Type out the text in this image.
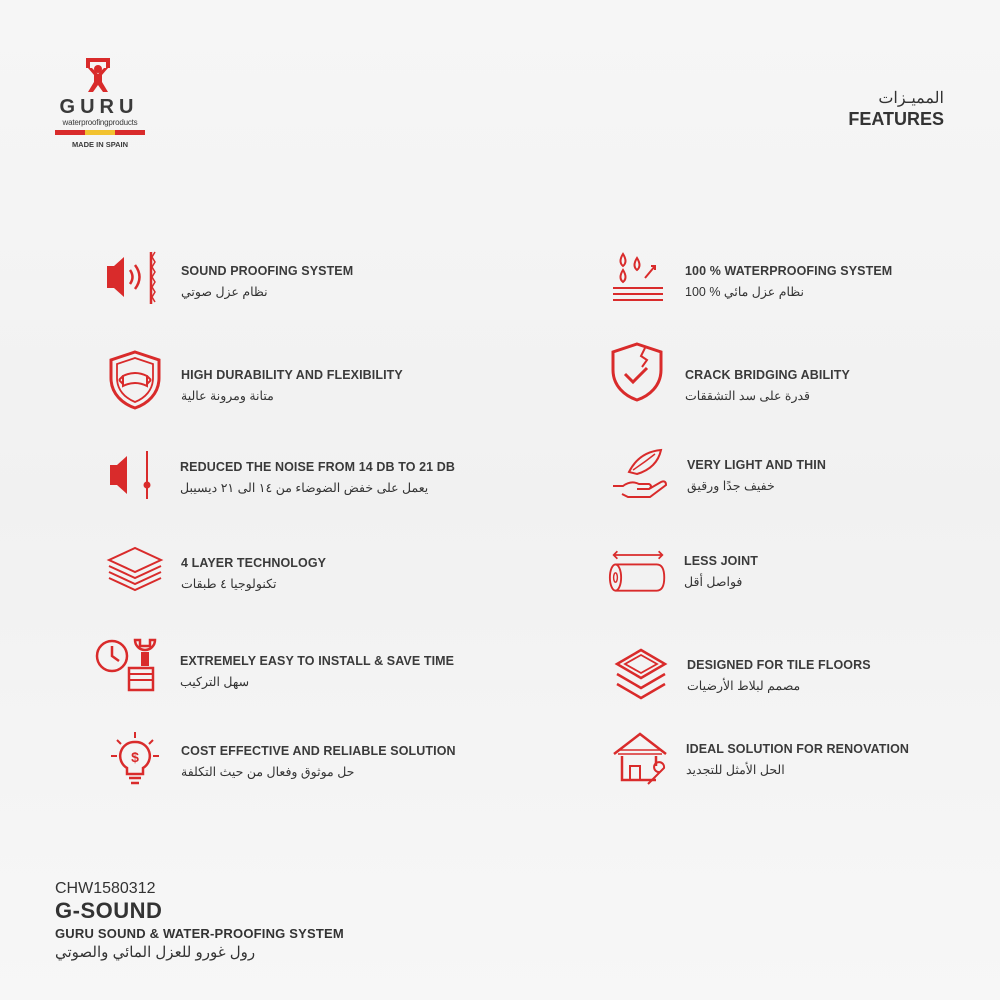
GURU
waterproofingproducts
MADE IN SPAIN
المميـزات
FEATURES
SOUND PROOFING SYSTEM
نظام عزل صوتي
HIGH DURABILITY AND FLEXIBILITY
متانة ومرونة عالية
REDUCED THE NOISE FROM 14 DB TO 21 DB
يعمل على خفض الضوضاء من ١٤ الى ٢١ ديسيبل
4 LAYER TECHNOLOGY
تكنولوجيا ٤ طبقات
EXTREMELY EASY TO INSTALL & SAVE TIME
سهل التركيب
$	COST EFFECTIVE AND RELIABLE SOLUTION
حل موثوق وفعال من حيث التكلفة
100 % WATERPROOFING SYSTEM
نظام عزل مائي % 100
CRACK BRIDGING ABILITY
قدرة على سد التشققات
VERY LIGHT AND THIN
خفيف جدًا ورقيق
LESS JOINT
فواصل أقل
DESIGNED FOR TILE FLOORS
مصمم لبلاط الأرضيات
IDEAL SOLUTION FOR RENOVATION
الحل الأمثل للتجديد
CHW1580312
G-SOUND
GURU SOUND & WATER-PROOFING SYSTEM
رول غورو للعزل المائي والصوتي
